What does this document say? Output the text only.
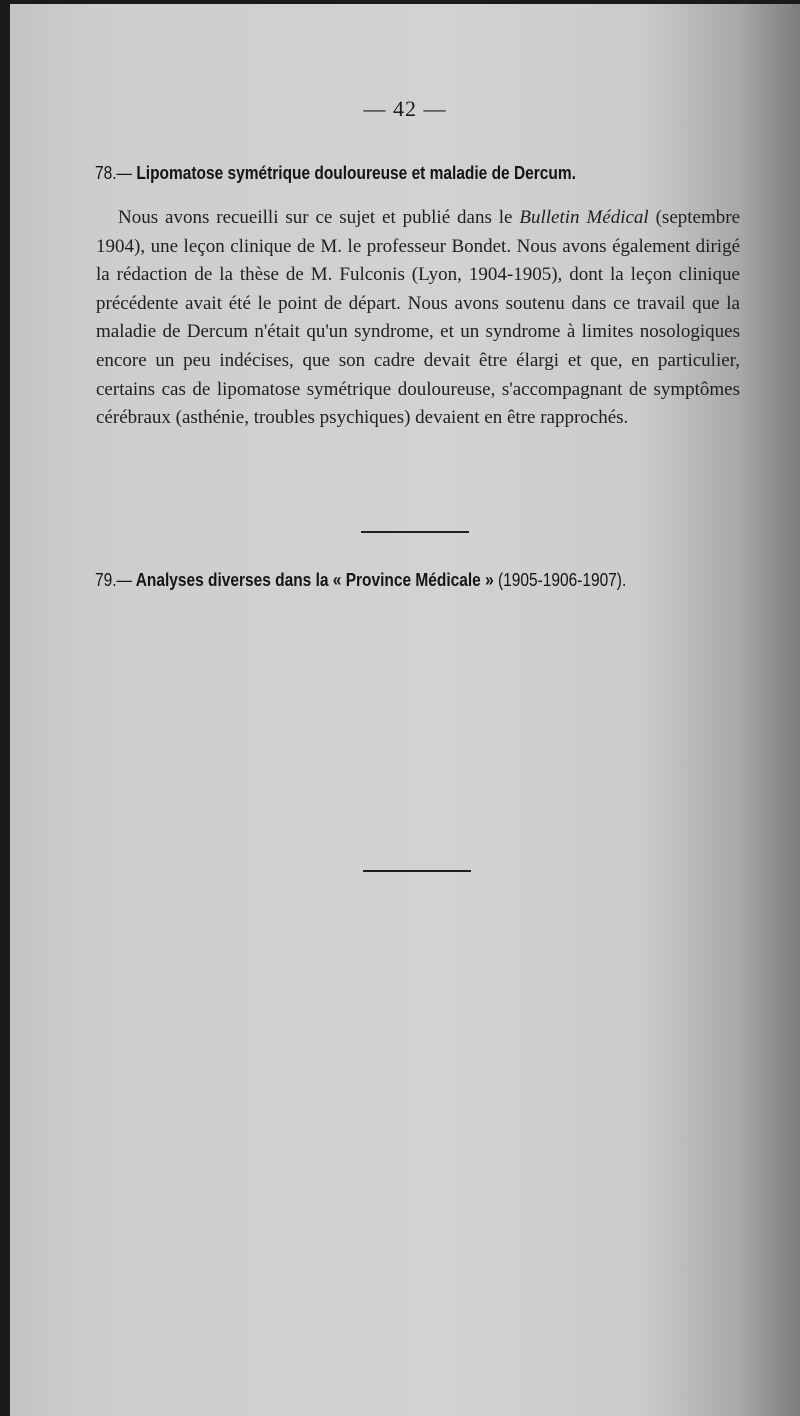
— 42 —
78.— Lipomatose symétrique douloureuse et maladie de Dercum.
Nous avons recueilli sur ce sujet et publié dans le Bulletin Médical (septembre 1904), une leçon clinique de M. le professeur Bondet. Nous avons également dirigé la rédaction de la thèse de M. Fulconis (Lyon, 1904-1905), dont la leçon clinique précédente avait été le point de départ. Nous avons soutenu dans ce travail que la maladie de Dercum n'était qu'un syndrome, et un syndrome à limites nosologiques encore un peu indécises, que son cadre devait être élargi et que, en particulier, certains cas de lipomatose symétrique douloureuse, s'accompagnant de symptômes cérébraux (asthénie, troubles psychiques) devaient en être rapprochés.
79.— Analyses diverses dans la « Province Médicale » (1905-1906-1907).
